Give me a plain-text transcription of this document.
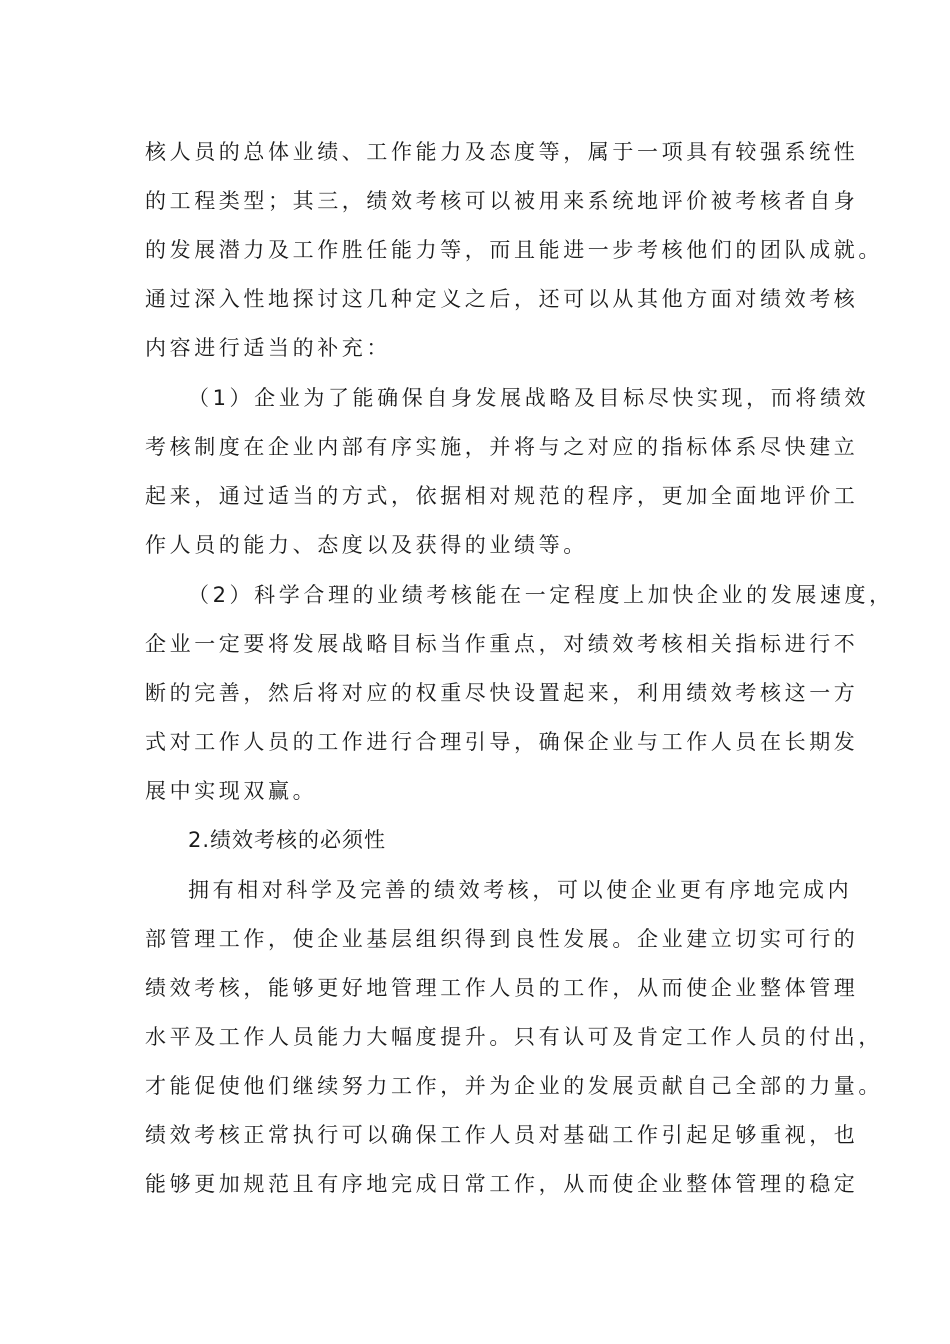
核人员的总体业绩、工作能力及态度等，属于一项具有较强系统性
的工程类型；其三，绩效考核可以被用来系统地评价被考核者自身
的发展潜力及工作胜任能力等，而且能进一步考核他们的团队成就。
通过深入性地探讨这几种定义之后，还可以从其他方面对绩效考核
内容进行适当的补充：
（1）企业为了能确保自身发展战略及目标尽快实现，而将绩效
考核制度在企业内部有序实施，并将与之对应的指标体系尽快建立
起来，通过适当的方式，依据相对规范的程序，更加全面地评价工
作人员的能力、态度以及获得的业绩等。
（2）科学合理的业绩考核能在一定程度上加快企业的发展速度，
企业一定要将发展战略目标当作重点，对绩效考核相关指标进行不
断的完善，然后将对应的权重尽快设置起来，利用绩效考核这一方
式对工作人员的工作进行合理引导，确保企业与工作人员在长期发
展中实现双赢。
2.绩效考核的必须性
拥有相对科学及完善的绩效考核，可以使企业更有序地完成内
部管理工作，使企业基层组织得到良性发展。企业建立切实可行的
绩效考核，能够更好地管理工作人员的工作，从而使企业整体管理
水平及工作人员能力大幅度提升。只有认可及肯定工作人员的付出，
才能促使他们继续努力工作，并为企业的发展贡献自己全部的力量。
绩效考核正常执行可以确保工作人员对基础工作引起足够重视，也
能够更加规范且有序地完成日常工作，从而使企业整体管理的稳定
